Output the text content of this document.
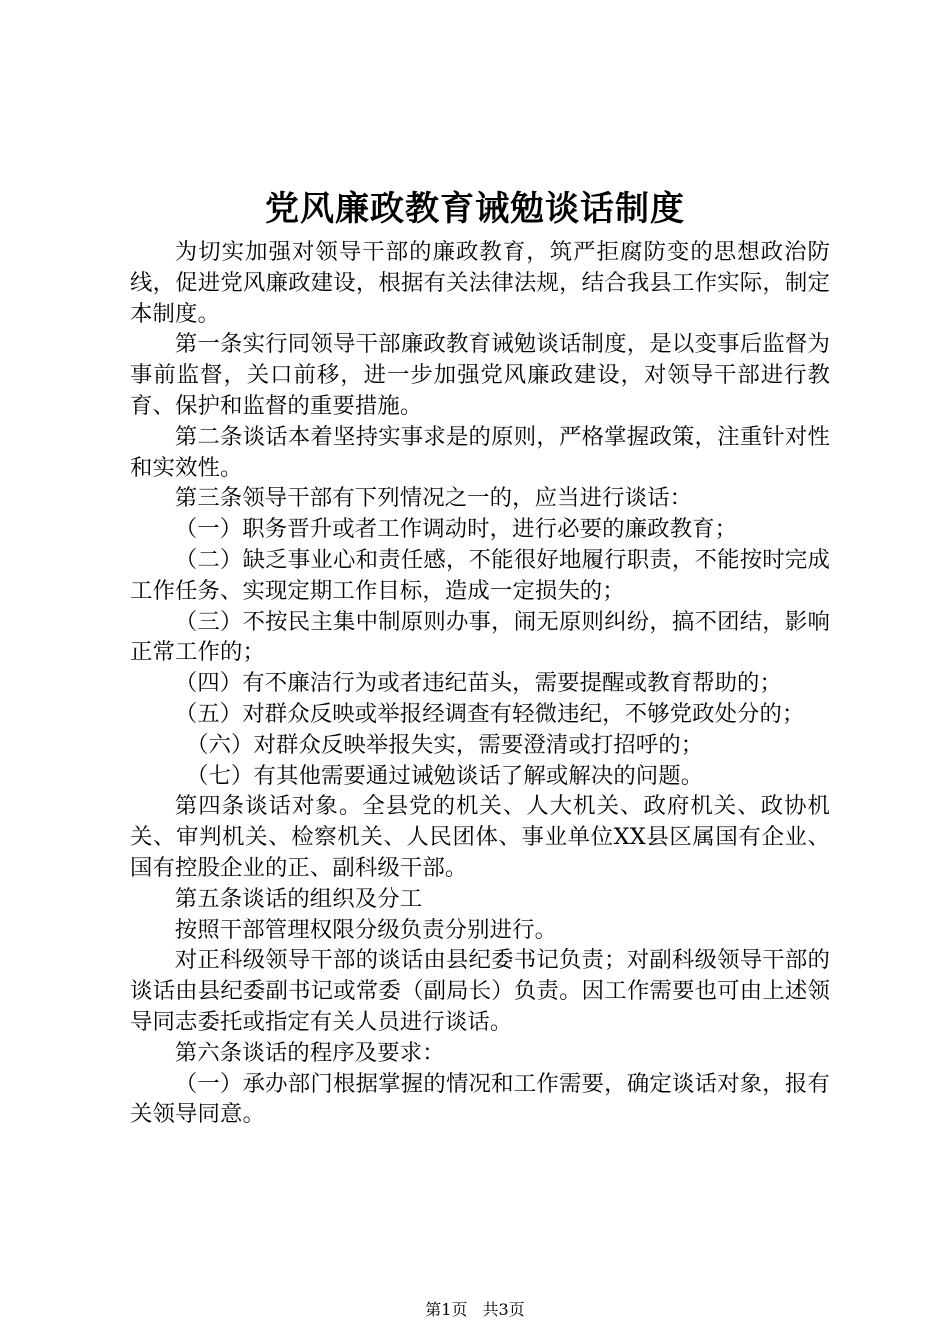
党风廉政教育诫勉谈话制度

为切实加强对领导干部的廉政教育，筑严拒腐防变的思想政治防线，促进党风廉政建设，根据有关法律法规，结合我县工作实际，制定本制度。

第一条实行同领导干部廉政教育诫勉谈话制度，是以变事后监督为事前监督，关口前移，进一步加强党风廉政建设，对领导干部进行教育、保护和监督的重要措施。

第二条谈话本着坚持实事求是的原则，严格掌握政策，注重针对性和实效性。

第三条领导干部有下列情况之一的，应当进行谈话：

（一）职务晋升或者工作调动时，进行必要的廉政教育；

（二）缺乏事业心和责任感，不能很好地履行职责，不能按时完成工作任务、实现定期工作目标，造成一定损失的；

（三）不按民主集中制原则办事，闹无原则纠纷，搞不团结，影响正常工作的；

（四）有不廉洁行为或者违纪苗头，需要提醒或教育帮助的；

（五）对群众反映或举报经调查有轻微违纪，不够党政处分的；

（六）对群众反映举报失实，需要澄清或打招呼的；

（七）有其他需要通过诫勉谈话了解或解决的问题。

第四条谈话对象。全县党的机关、人大机关、政府机关、政协机关、审判机关、检察机关、人民团体、事业单位XX县区属国有企业、国有控股企业的正、副科级干部。

第五条谈话的组织及分工

按照干部管理权限分级负责分别进行。

对正科级领导干部的谈话由县纪委书记负责；对副科级领导干部的谈话由县纪委副书记或常委（副局长）负责。因工作需要也可由上述领导同志委托或指定有关人员进行谈话。

第六条谈话的程序及要求：

（一）承办部门根据掌握的情况和工作需要，确定谈话对象，报有关领导同意。

第1页 共3页
